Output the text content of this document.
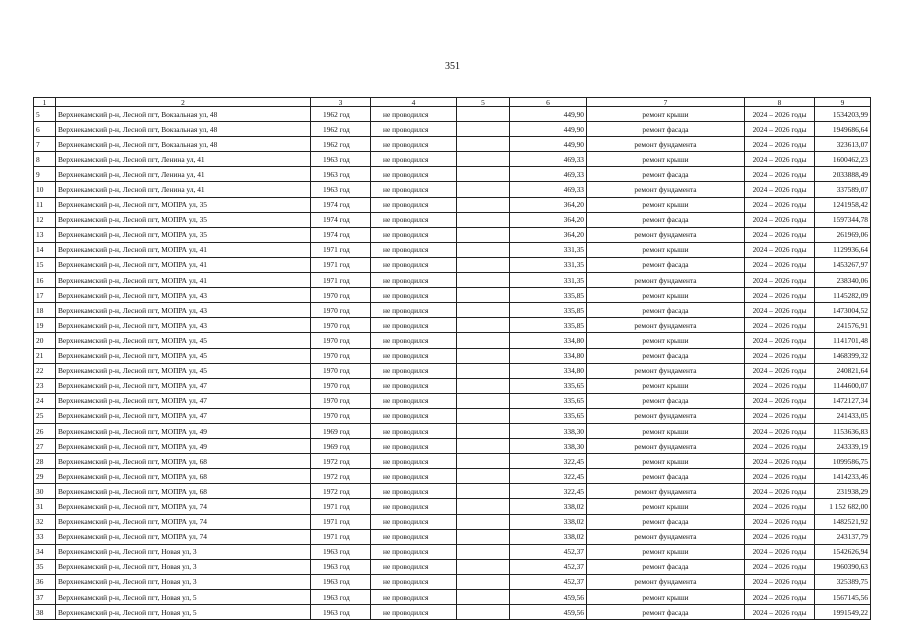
351
1	2	3	4	5	6	7	8	9
5	Верхнекамский р-н, Лесной пгт, Вокзальная ул, 48	1962 год	не проводился		449,90	ремонт крыши	2024 – 2026 годы	1534203,99
6	Верхнекамский р-н, Лесной пгт, Вокзальная ул, 48	1962 год	не проводился		449,90	ремонт фасада	2024 – 2026 годы	1949686,64
7	Верхнекамский р-н, Лесной пгт, Вокзальная ул, 48	1962 год	не проводился		449,90	ремонт фундамента	2024 – 2026 годы	323613,07
8	Верхнекамский р-н, Лесной пгт, Ленина ул, 41	1963 год	не проводился		469,33	ремонт крыши	2024 – 2026 годы	1600462,23
9	Верхнекамский р-н, Лесной пгт, Ленина ул, 41	1963 год	не проводился		469,33	ремонт фасада	2024 – 2026 годы	2033888,49
10	Верхнекамский р-н, Лесной пгт, Ленина ул, 41	1963 год	не проводился		469,33	ремонт фундамента	2024 – 2026 годы	337589,07
11	Верхнекамский р-н, Лесной пгт, МОПРА ул, 35	1974 год	не проводился		364,20	ремонт крыши	2024 – 2026 годы	1241958,42
12	Верхнекамский р-н, Лесной пгт, МОПРА ул, 35	1974 год	не проводился		364,20	ремонт фасада	2024 – 2026 годы	1597344,78
13	Верхнекамский р-н, Лесной пгт, МОПРА ул, 35	1974 год	не проводился		364,20	ремонт фундамента	2024 – 2026 годы	261969,06
14	Верхнекамский р-н, Лесной пгт, МОПРА ул, 41	1971 год	не проводился		331,35	ремонт крыши	2024 – 2026 годы	1129936,64
15	Верхнекамский р-н, Лесной пгт, МОПРА ул, 41	1971 год	не проводился		331,35	ремонт фасада	2024 – 2026 годы	1453267,97
16	Верхнекамский р-н, Лесной пгт, МОПРА ул, 41	1971 год	не проводился		331,35	ремонт фундамента	2024 – 2026 годы	238340,06
17	Верхнекамский р-н, Лесной пгт, МОПРА ул, 43	1970 год	не проводился		335,85	ремонт крыши	2024 – 2026 годы	1145282,09
18	Верхнекамский р-н, Лесной пгт, МОПРА ул, 43	1970 год	не проводился		335,85	ремонт фасада	2024 – 2026 годы	1473004,52
19	Верхнекамский р-н, Лесной пгт, МОПРА ул, 43	1970 год	не проводился		335,85	ремонт фундамента	2024 – 2026 годы	241576,91
20	Верхнекамский р-н, Лесной пгт, МОПРА ул, 45	1970 год	не проводился		334,80	ремонт крыши	2024 – 2026 годы	1141701,48
21	Верхнекамский р-н, Лесной пгт, МОПРА ул, 45	1970 год	не проводился		334,80	ремонт фасада	2024 – 2026 годы	1468399,32
22	Верхнекамский р-н, Лесной пгт, МОПРА ул, 45	1970 год	не проводился		334,80	ремонт фундамента	2024 – 2026 годы	240821,64
23	Верхнекамский р-н, Лесной пгт, МОПРА ул, 47	1970 год	не проводился		335,65	ремонт крыши	2024 – 2026 годы	1144600,07
24	Верхнекамский р-н, Лесной пгт, МОПРА ул, 47	1970 год	не проводился		335,65	ремонт фасада	2024 – 2026 годы	1472127,34
25	Верхнекамский р-н, Лесной пгт, МОПРА ул, 47	1970 год	не проводился		335,65	ремонт фундамента	2024 – 2026 годы	241433,05
26	Верхнекамский р-н, Лесной пгт, МОПРА ул, 49	1969 год	не проводился		338,30	ремонт крыши	2024 – 2026 годы	1153636,83
27	Верхнекамский р-н, Лесной пгт, МОПРА ул, 49	1969 год	не проводился		338,30	ремонт фундамента	2024 – 2026 годы	243339,19
28	Верхнекамский р-н, Лесной пгт, МОПРА ул, 68	1972 год	не проводился		322,45	ремонт крыши	2024 – 2026 годы	1099586,75
29	Верхнекамский р-н, Лесной пгт, МОПРА ул, 68	1972 год	не проводился		322,45	ремонт фасада	2024 – 2026 годы	1414233,46
30	Верхнекамский р-н, Лесной пгт, МОПРА ул, 68	1972 год	не проводился		322,45	ремонт фундамента	2024 – 2026 годы	231938,29
31	Верхнекамский р-н, Лесной пгт, МОПРА ул, 74	1971 год	не проводился		338,02	ремонт крыши	2024 – 2026 годы	1 152 682,00
32	Верхнекамский р-н, Лесной пгт, МОПРА ул, 74	1971 год	не проводился		338,02	ремонт фасада	2024 – 2026 годы	1482521,92
33	Верхнекамский р-н, Лесной пгт, МОПРА ул, 74	1971 год	не проводился		338,02	ремонт фундамента	2024 – 2026 годы	243137,79
34	Верхнекамский р-н, Лесной пгт, Новая ул, 3	1963 год	не проводился		452,37	ремонт крыши	2024 – 2026 годы	1542626,94
35	Верхнекамский р-н, Лесной пгт, Новая ул, 3	1963 год	не проводился		452,37	ремонт фасада	2024 – 2026 годы	1960390,63
36	Верхнекамский р-н, Лесной пгт, Новая ул, 3	1963 год	не проводился		452,37	ремонт фундамента	2024 – 2026 годы	325389,75
37	Верхнекамский р-н, Лесной пгт, Новая ул, 5	1963 год	не проводился		459,56	ремонт крыши	2024 – 2026 годы	1567145,56
38	Верхнекамский р-н, Лесной пгт, Новая ул, 5	1963 год	не проводился		459,56	ремонт фасада	2024 – 2026 годы	1991549,22
